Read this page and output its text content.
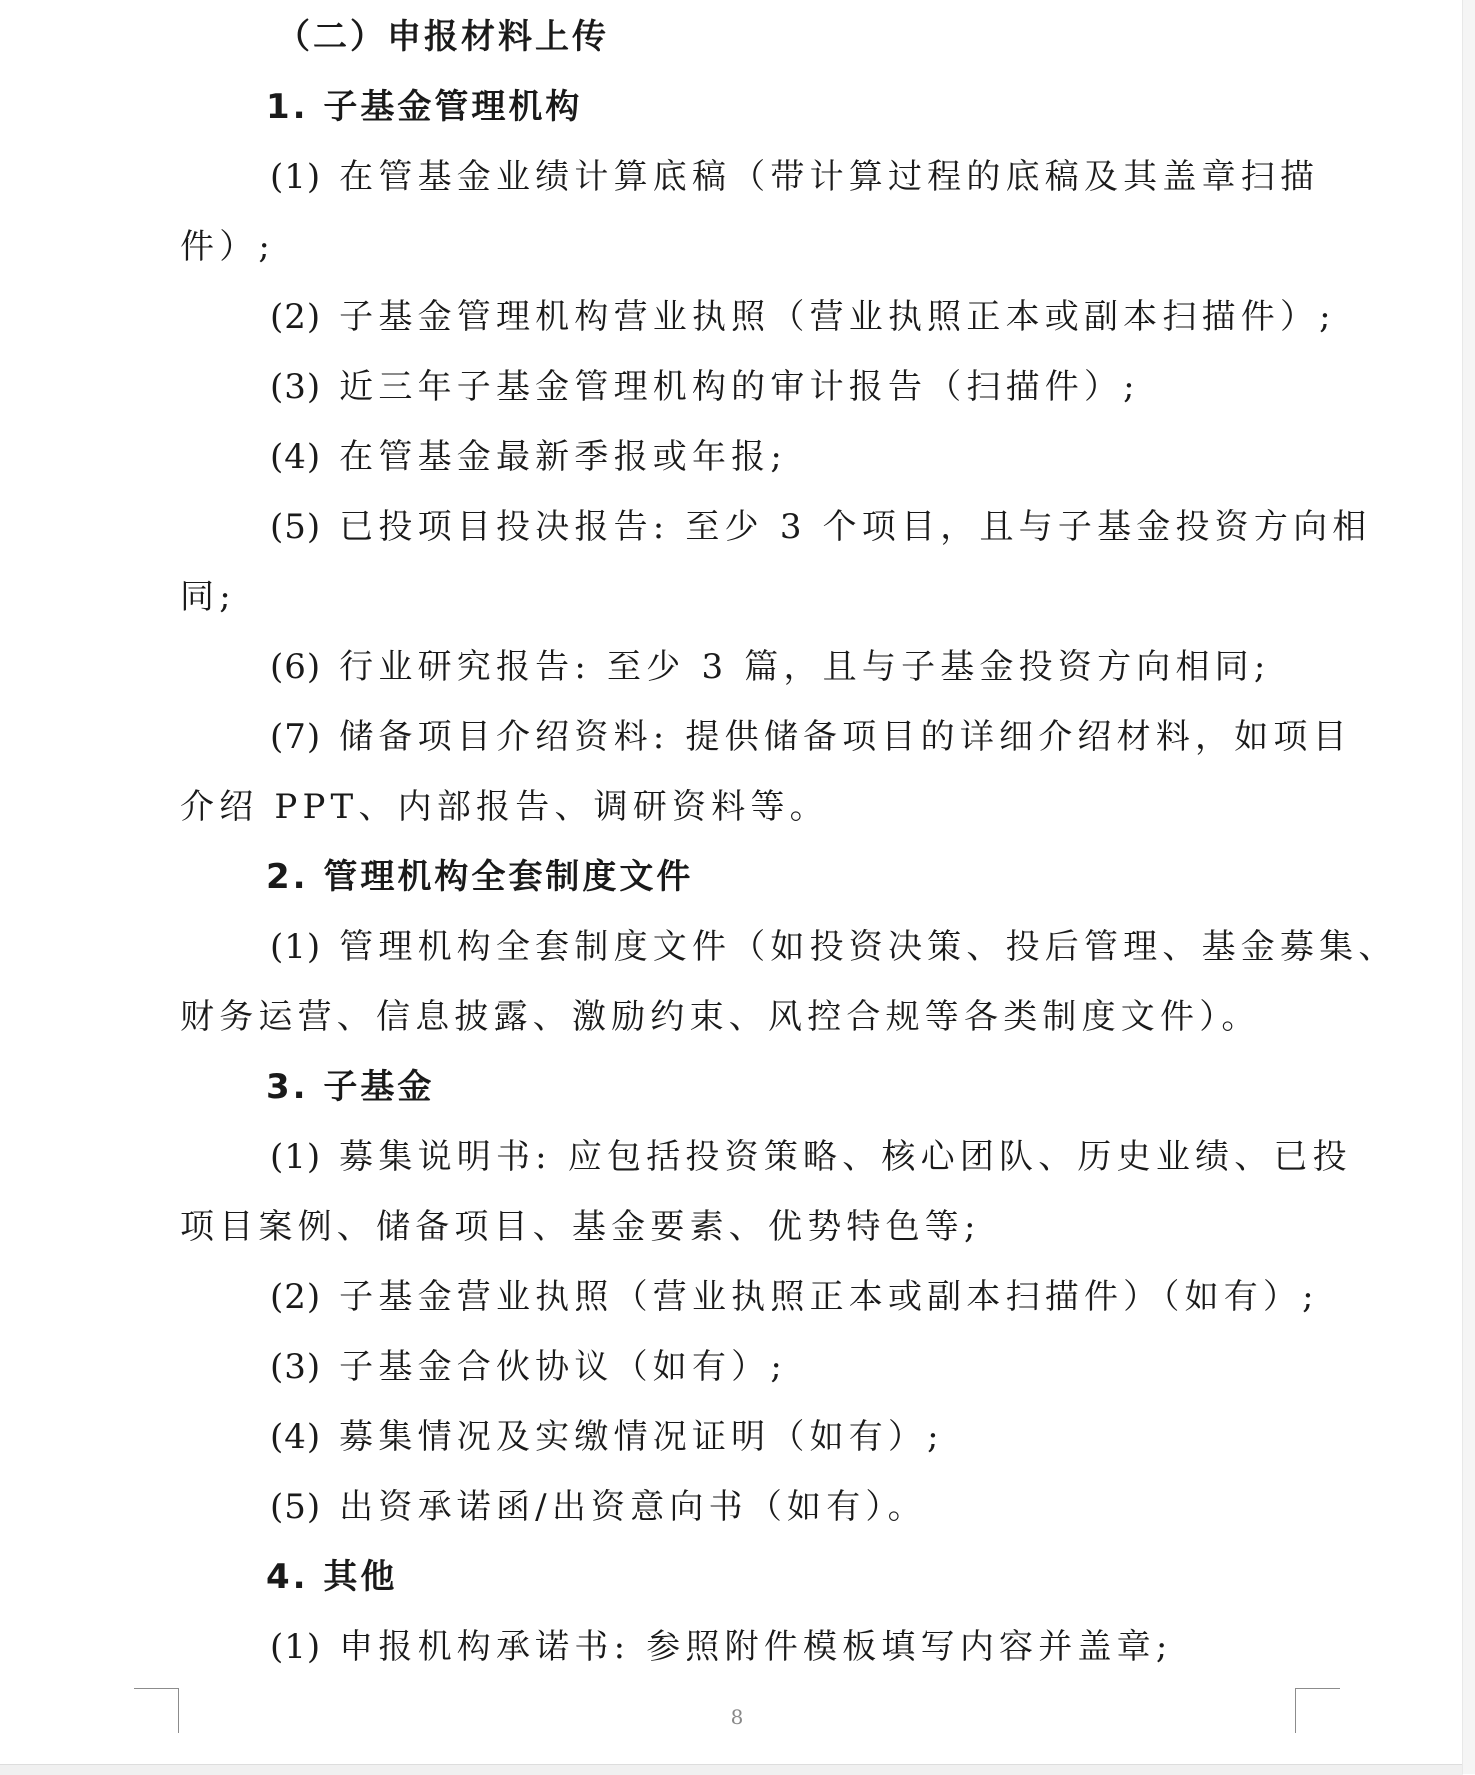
（二）申报材料上传
1. 子基金管理机构
(1) 在管基金业绩计算底稿（带计算过程的底稿及其盖章扫描
件）;
(2) 子基金管理机构营业执照（营业执照正本或副本扫描件）;
(3) 近三年子基金管理机构的审计报告（扫描件）;
(4) 在管基金最新季报或年报;
(5) 已投项目投决报告: 至少 3 个项目，且与子基金投资方向相
同;
(6) 行业研究报告: 至少 3 篇，且与子基金投资方向相同;
(7) 储备项目介绍资料: 提供储备项目的详细介绍材料，如项目
介绍 PPT、内部报告、调研资料等。
2. 管理机构全套制度文件
(1) 管理机构全套制度文件（如投资决策、投后管理、基金募集、
财务运营、信息披露、激励约束、风控合规等各类制度文件）。
3. 子基金
(1) 募集说明书: 应包括投资策略、核心团队、历史业绩、已投
项目案例、储备项目、基金要素、优势特色等;
(2) 子基金营业执照（营业执照正本或副本扫描件）（如有）;
(3) 子基金合伙协议（如有）;
(4) 募集情况及实缴情况证明（如有）;
(5) 出资承诺函/出资意向书（如有）。
4. 其他
(1) 申报机构承诺书: 参照附件模板填写内容并盖章;
8
